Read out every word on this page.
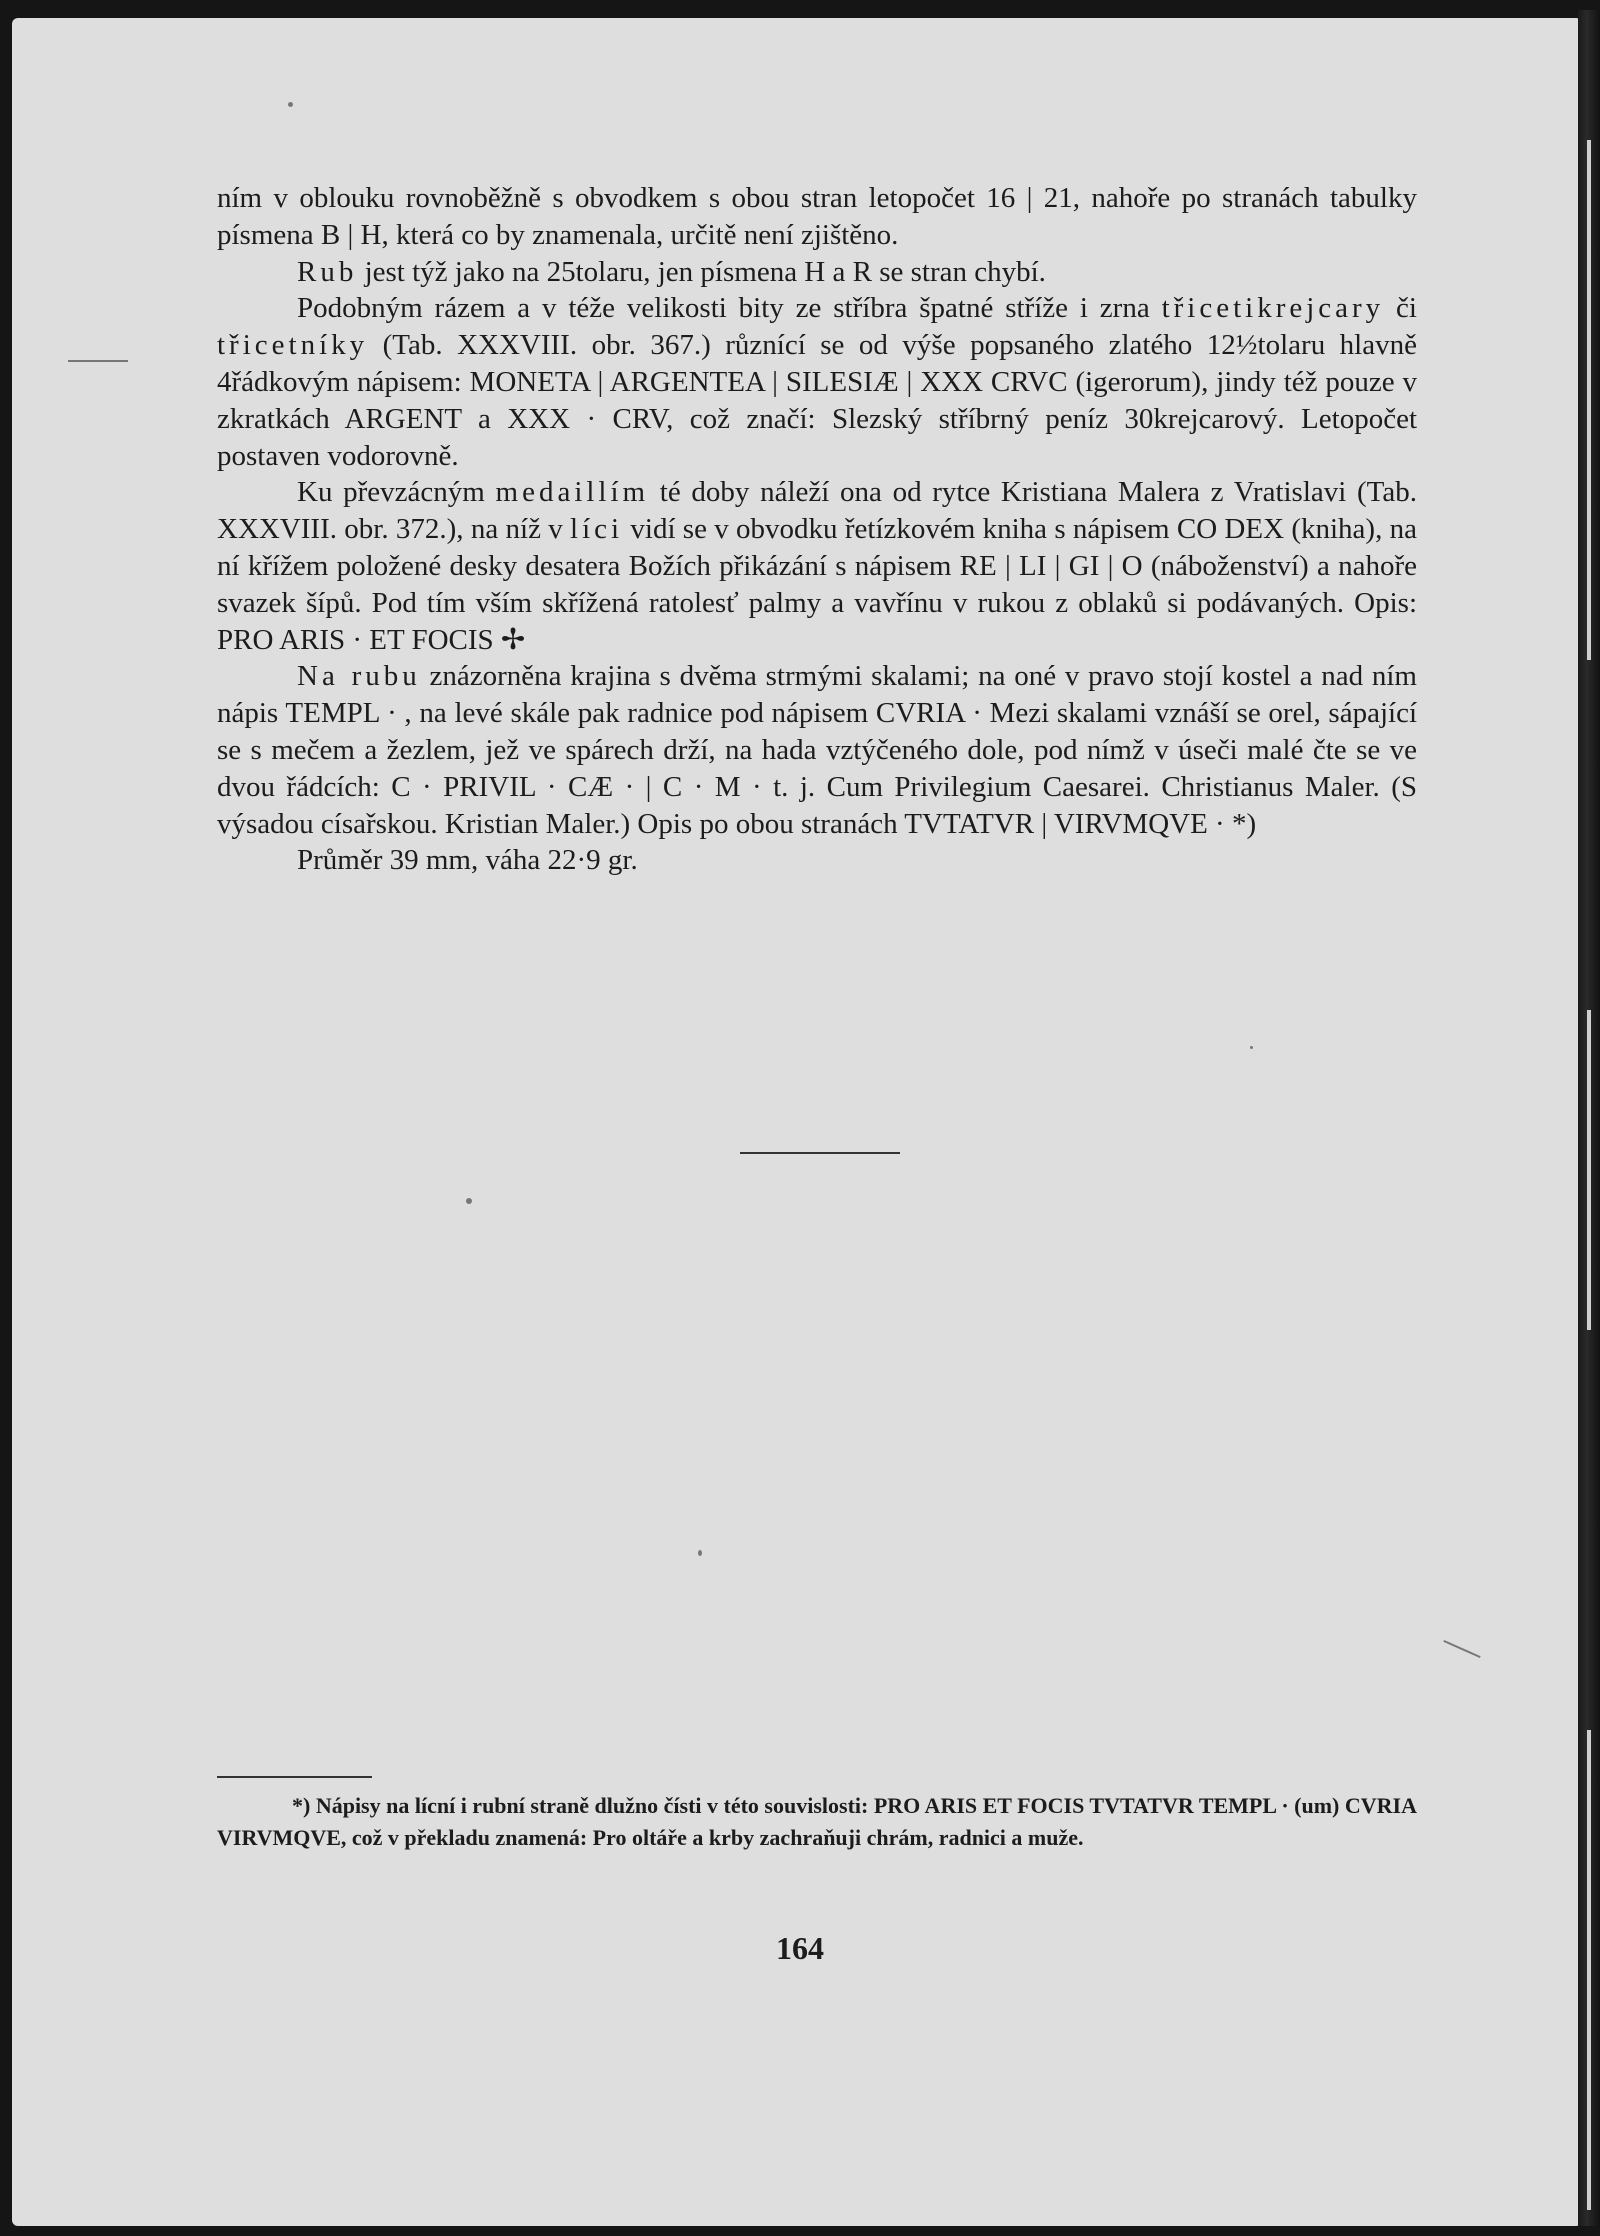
ním v oblouku rovnoběžně s obvodkem s obou stran letopočet 16 | 21, nahoře po stranách tabulky písmena B | H, která co by znamenala, určitě není zjištěno.

Rub jest týž jako na 25tolaru, jen písmena H a R se stran chybí.

Podobným rázem a v téže velikosti bity ze stříbra špatné stříže i zrna třicetikrejcary či třicetníky (Tab. XXXVIII. obr. 367.) různící se od výše popsaného zlatého 12½tolaru hlavně 4řádkovým nápisem: MONETA | ARGENTEA | SILESIÆ | XXX CRVC (igerorum), jindy též pouze v zkratkách ARGENT a XXX · CRV, což značí: Slezský stříbrný peníz 30krejcarový. Letopočet postaven vodorovně.

Ku převzácným medaillím té doby náleží ona od rytce Kristiana Malera z Vratislavi (Tab. XXXVIII. obr. 372.), na níž v líci vidí se v obvodku řetízkovém kniha s nápisem CO DEX (kniha), na ní křížem položené desky desatera Božích přikázání s nápisem RE | LI | GI | O (náboženství) a nahoře svazek šípů. Pod tím vším skřížená ratolesť palmy a vavřínu v rukou z oblaků si podávaných. Opis: PRO ARIS · ET FOCIS ✢

Na rubu znázorněna krajina s dvěma strmými skalami; na oné v pravo stojí kostel a nad ním nápis TEMPL · , na levé skále pak radnice pod nápisem CVRIA · Mezi skalami vznáší se orel, sápající se s mečem a žezlem, jež ve spárech drží, na hada vztýčeného dole, pod nímž v úseči malé čte se ve dvou řádcích: C · PRIVIL · CÆ · | C · M · t. j. Cum Privilegium Caesarei. Christianus Maler. (S výsadou císařskou. Kristian Maler.) Opis po obou stranách TVTATVR | VIRVMQVE · *)

Průměr 39 mm, váha 22·9 gr.

*) Nápisy na lícní i rubní straně dlužno čísti v této souvislosti: PRO ARIS ET FOCIS TVTATVR TEMPL · (um) CVRIA VIRVMQVE, což v překladu znamená: Pro oltáře a krby zachraňuji chrám, radnici a muže.
164
